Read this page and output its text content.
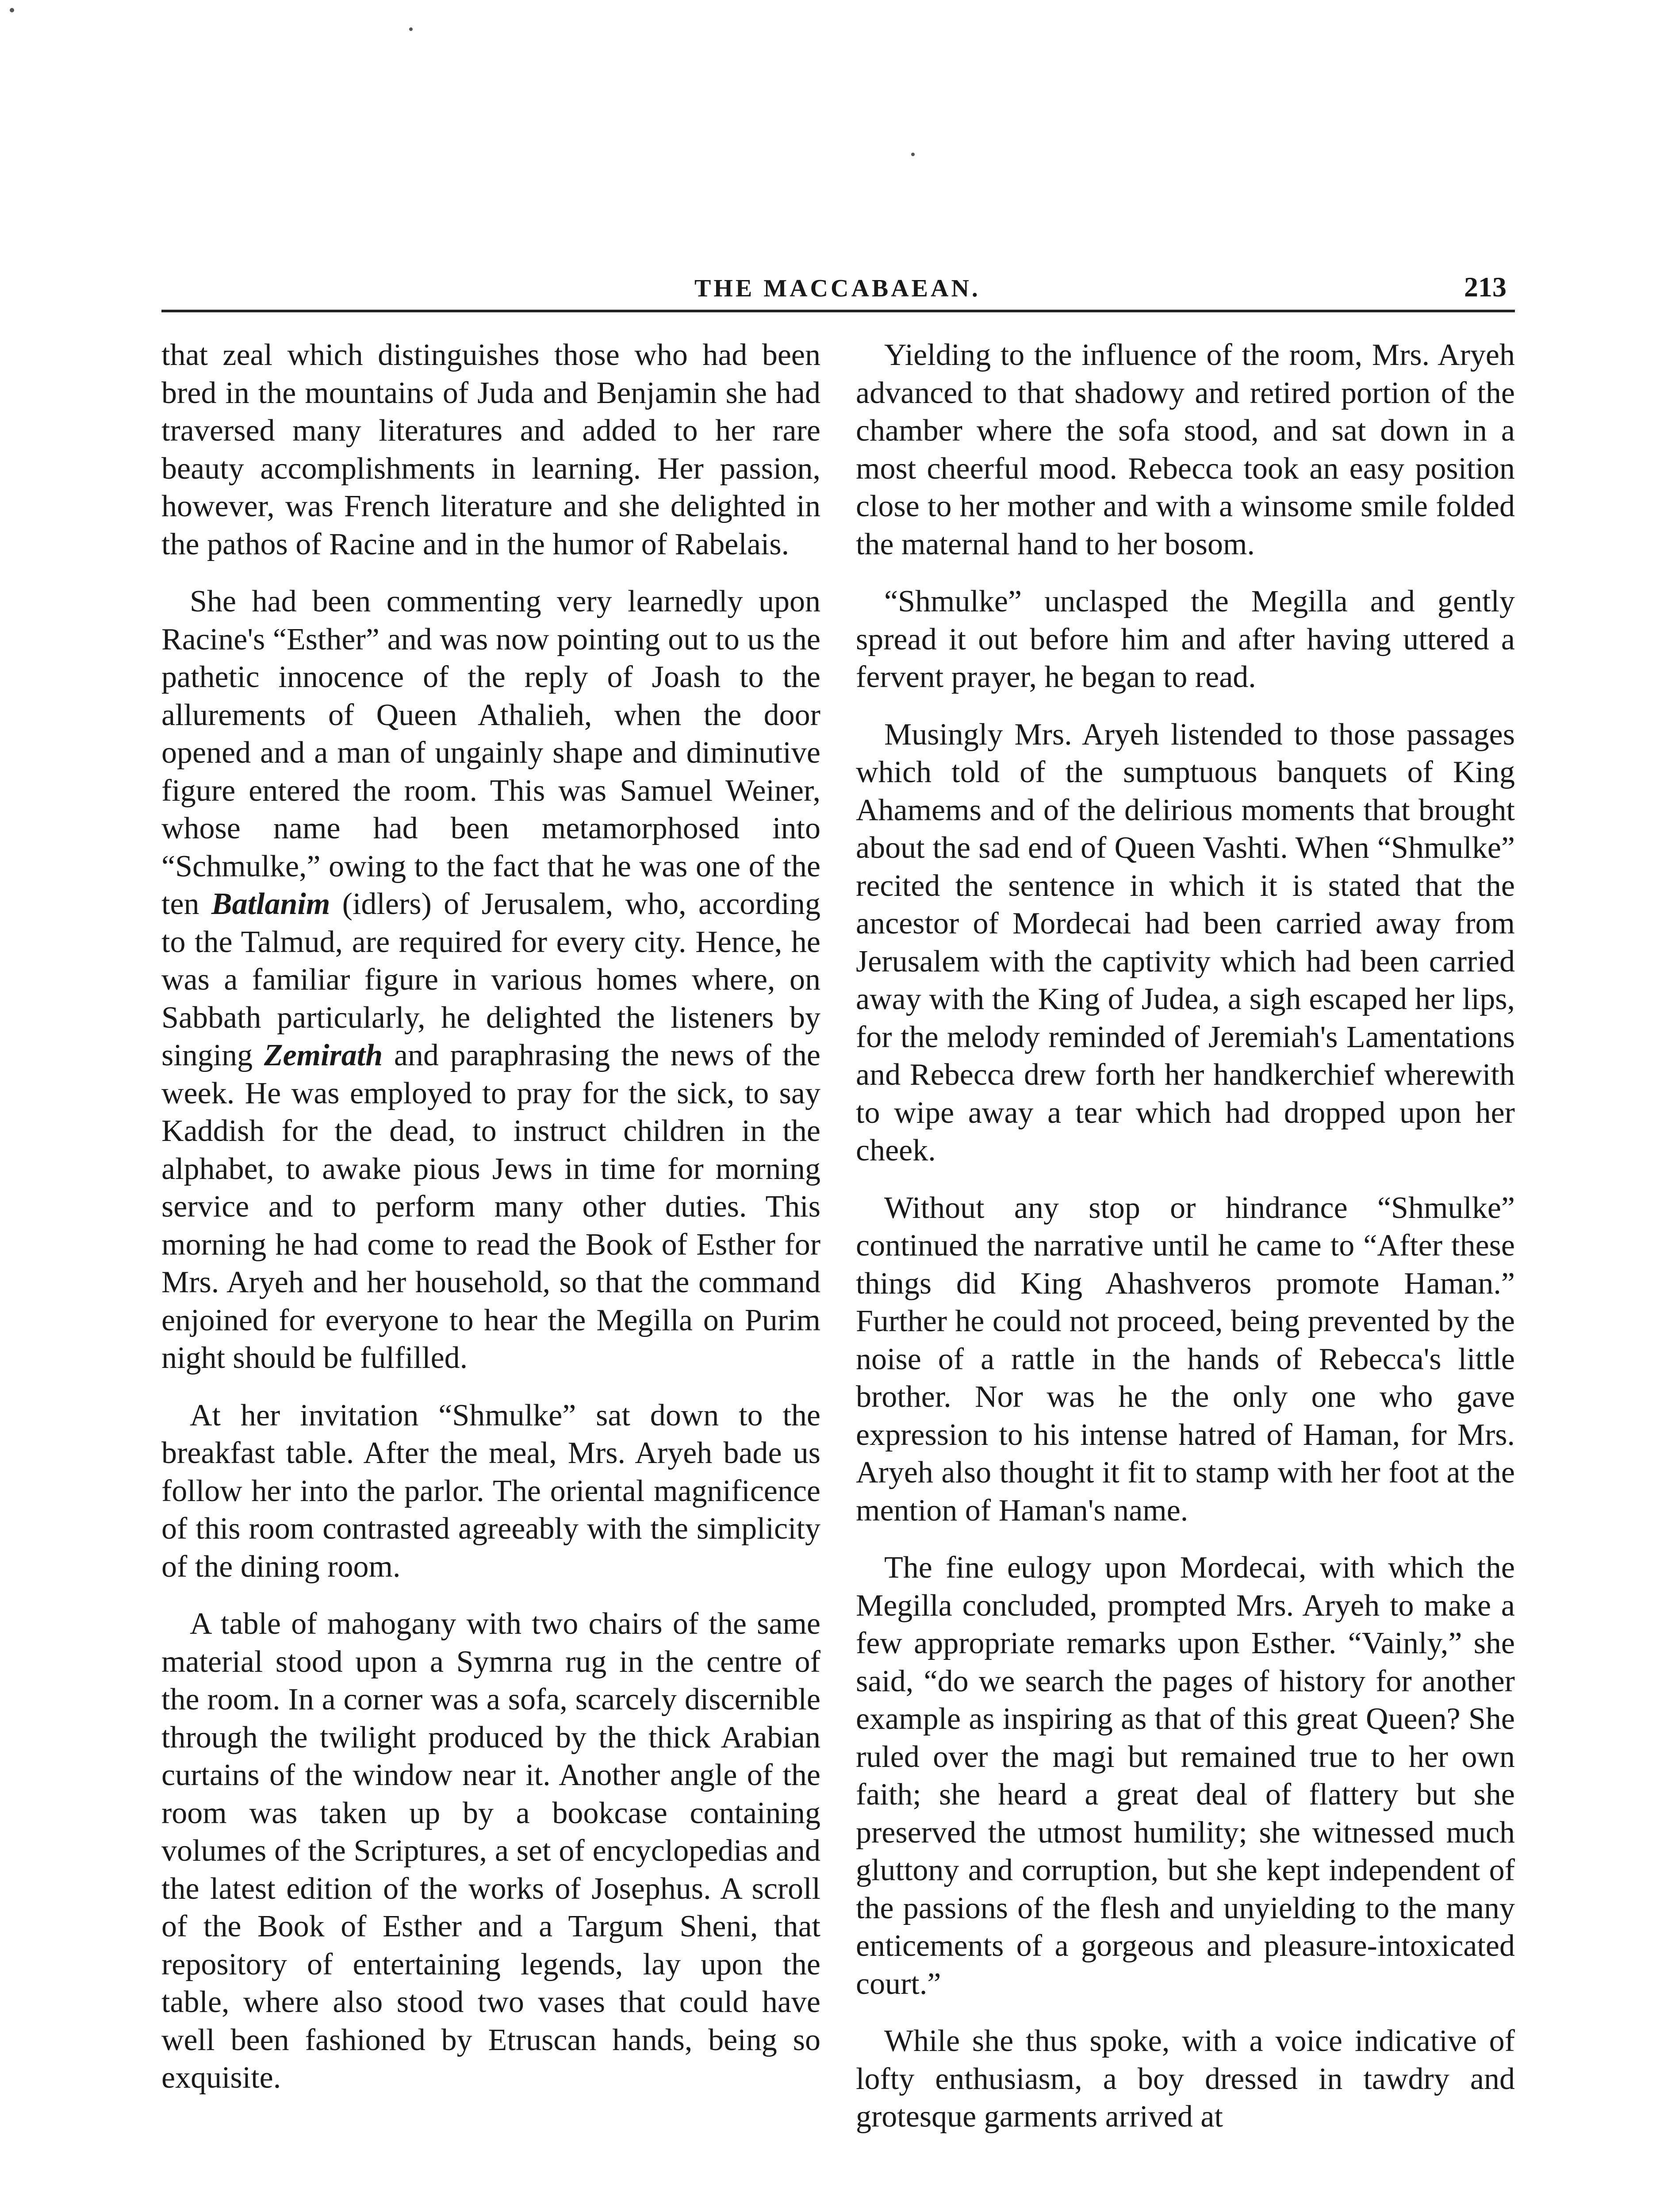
THE MACCABAEAN.	213

that zeal which distinguishes those who had been bred in the mountains of Juda and Benjamin she had traversed many literatures and added to her rare beauty accomplishments in learning. Her passion, however, was French literature and she delighted in the pathos of Racine and in the humor of Rabelais.

She had been commenting very learnedly upon Racine's “Esther” and was now pointing out to us the pathetic innocence of the reply of Joash to the allurements of Queen Athalieh, when the door opened and a man of ungainly shape and diminutive figure entered the room. This was Samuel Weiner, whose name had been metamorphosed into “Schmulke,” owing to the fact that he was one of the ten Batlanim (idlers) of Jerusalem, who, according to the Talmud, are required for every city. Hence, he was a familiar figure in various homes where, on Sabbath particularly, he delighted the listeners by singing Zemirath and paraphrasing the news of the week. He was employed to pray for the sick, to say Kaddish for the dead, to instruct children in the alphabet, to awake pious Jews in time for morning service and to perform many other duties. This morning he had come to read the Book of Esther for Mrs. Aryeh and her household, so that the command enjoined for everyone to hear the Megilla on Purim night should be fulfilled.

At her invitation “Shmulke” sat down to the breakfast table. After the meal, Mrs. Aryeh bade us follow her into the parlor. The oriental magnificence of this room contrasted agreeably with the simplicity of the dining room.

A table of mahogany with two chairs of the same material stood upon a Symrna rug in the centre of the room. In a corner was a sofa, scarcely discernible through the twilight produced by the thick Arabian curtains of the window near it. Another angle of the room was taken up by a bookcase containing volumes of the Scriptures, a set of encyclopedias and the latest edition of the works of Josephus. A scroll of the Book of Esther and a Targum Sheni, that repository of entertaining legends, lay upon the table, where also stood two vases that could have well been fashioned by Etruscan hands, being so exquisite.

Yielding to the influence of the room, Mrs. Aryeh advanced to that shadowy and retired portion of the chamber where the sofa stood, and sat down in a most cheerful mood. Rebecca took an easy position close to her mother and with a winsome smile folded the maternal hand to her bosom.

“Shmulke” unclasped the Megilla and gently spread it out before him and after having uttered a fervent prayer, he began to read.

Musingly Mrs. Aryeh listended to those passages which told of the sumptuous banquets of King Ahamems and of the delirious moments that brought about the sad end of Queen Vashti. When “Shmulke” recited the sentence in which it is stated that the ancestor of Mordecai had been carried away from Jerusalem with the captivity which had been carried away with the King of Judea, a sigh escaped her lips, for the melody reminded of Jeremiah's Lamentations and Rebecca drew forth her handkerchief wherewith to wipe away a tear which had dropped upon her cheek.

Without any stop or hindrance “Shmulke” continued the narrative until he came to “After these things did King Ahashveros promote Haman.” Further he could not proceed, being prevented by the noise of a rattle in the hands of Rebecca's little brother. Nor was he the only one who gave expression to his intense hatred of Haman, for Mrs. Aryeh also thought it fit to stamp with her foot at the mention of Haman's name.

The fine eulogy upon Mordecai, with which the Megilla concluded, prompted Mrs. Aryeh to make a few appropriate remarks upon Esther. “Vainly,” she said, “do we search the pages of history for another example as inspiring as that of this great Queen? She ruled over the magi but remained true to her own faith; she heard a great deal of flattery but she preserved the utmost humility; she witnessed much gluttony and corruption, but she kept independent of the passions of the flesh and unyielding to the many enticements of a gorgeous and pleasure-intoxicated court.”

While she thus spoke, with a voice indicative of lofty enthusiasm, a boy dressed in tawdry and grotesque garments arrived at
